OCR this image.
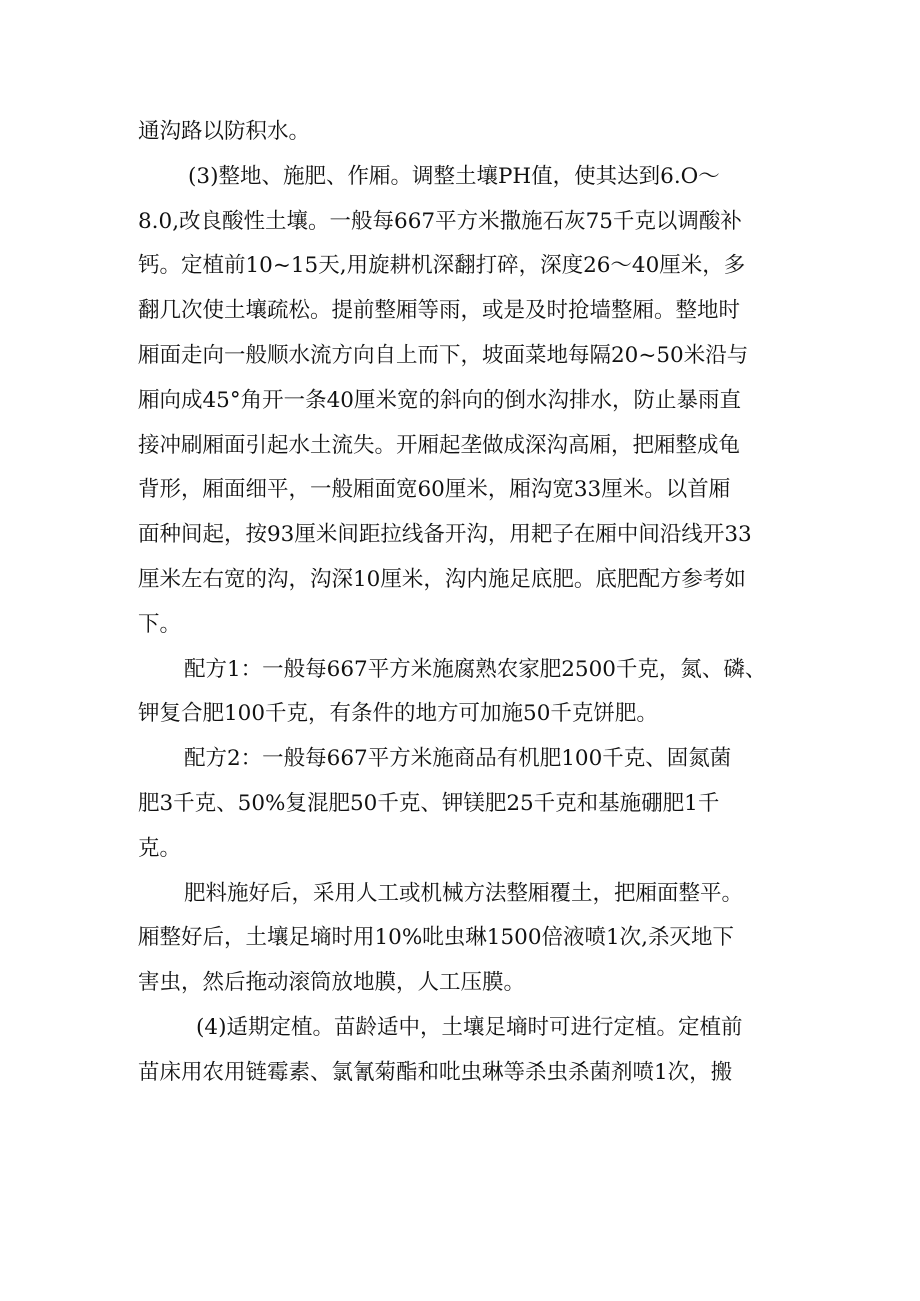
通沟路以防积水。
(3)整地、施肥、作厢。调整土壤PH值，使其达到6.O～
8.0,改良酸性土壤。一般每667平方米撒施石灰75千克以调酸补
钙。定植前10~15天,用旋耕机深翻打碎，深度26～40厘米，多
翻几次使土壤疏松。提前整厢等雨，或是及时抢墙整厢。整地时
厢面走向一般顺水流方向自上而下，坡面菜地每隔20~50米沿与
厢向成45°角开一条40厘米宽的斜向的倒水沟排水，防止暴雨直
接冲刷厢面引起水土流失。开厢起垄做成深沟高厢，把厢整成龟
背形，厢面细平，一般厢面宽60厘米，厢沟宽33厘米。以首厢
面种间起，按93厘米间距拉线备开沟，用耙子在厢中间沿线开33
厘米左右宽的沟，沟深10厘米，沟内施足底肥。底肥配方参考如
下。
配方1：一般每667平方米施腐熟农家肥2500千克，氮、磷、
钾复合肥100千克，有条件的地方可加施50千克饼肥。
配方2：一般每667平方米施商品有机肥100千克、固氮菌
肥3千克、50%复混肥50千克、钾镁肥25千克和基施硼肥1千
克。
肥料施好后，采用人工或机械方法整厢覆土，把厢面整平。
厢整好后，土壤足墒时用10%吡虫琳1500倍液喷1次,杀灭地下
害虫，然后拖动滚筒放地膜，人工压膜。
(4)适期定植。苗龄适中，土壤足墒时可进行定植。定植前
苗床用农用链霉素、氯氰菊酯和吡虫琳等杀虫杀菌剂喷1次，搬
